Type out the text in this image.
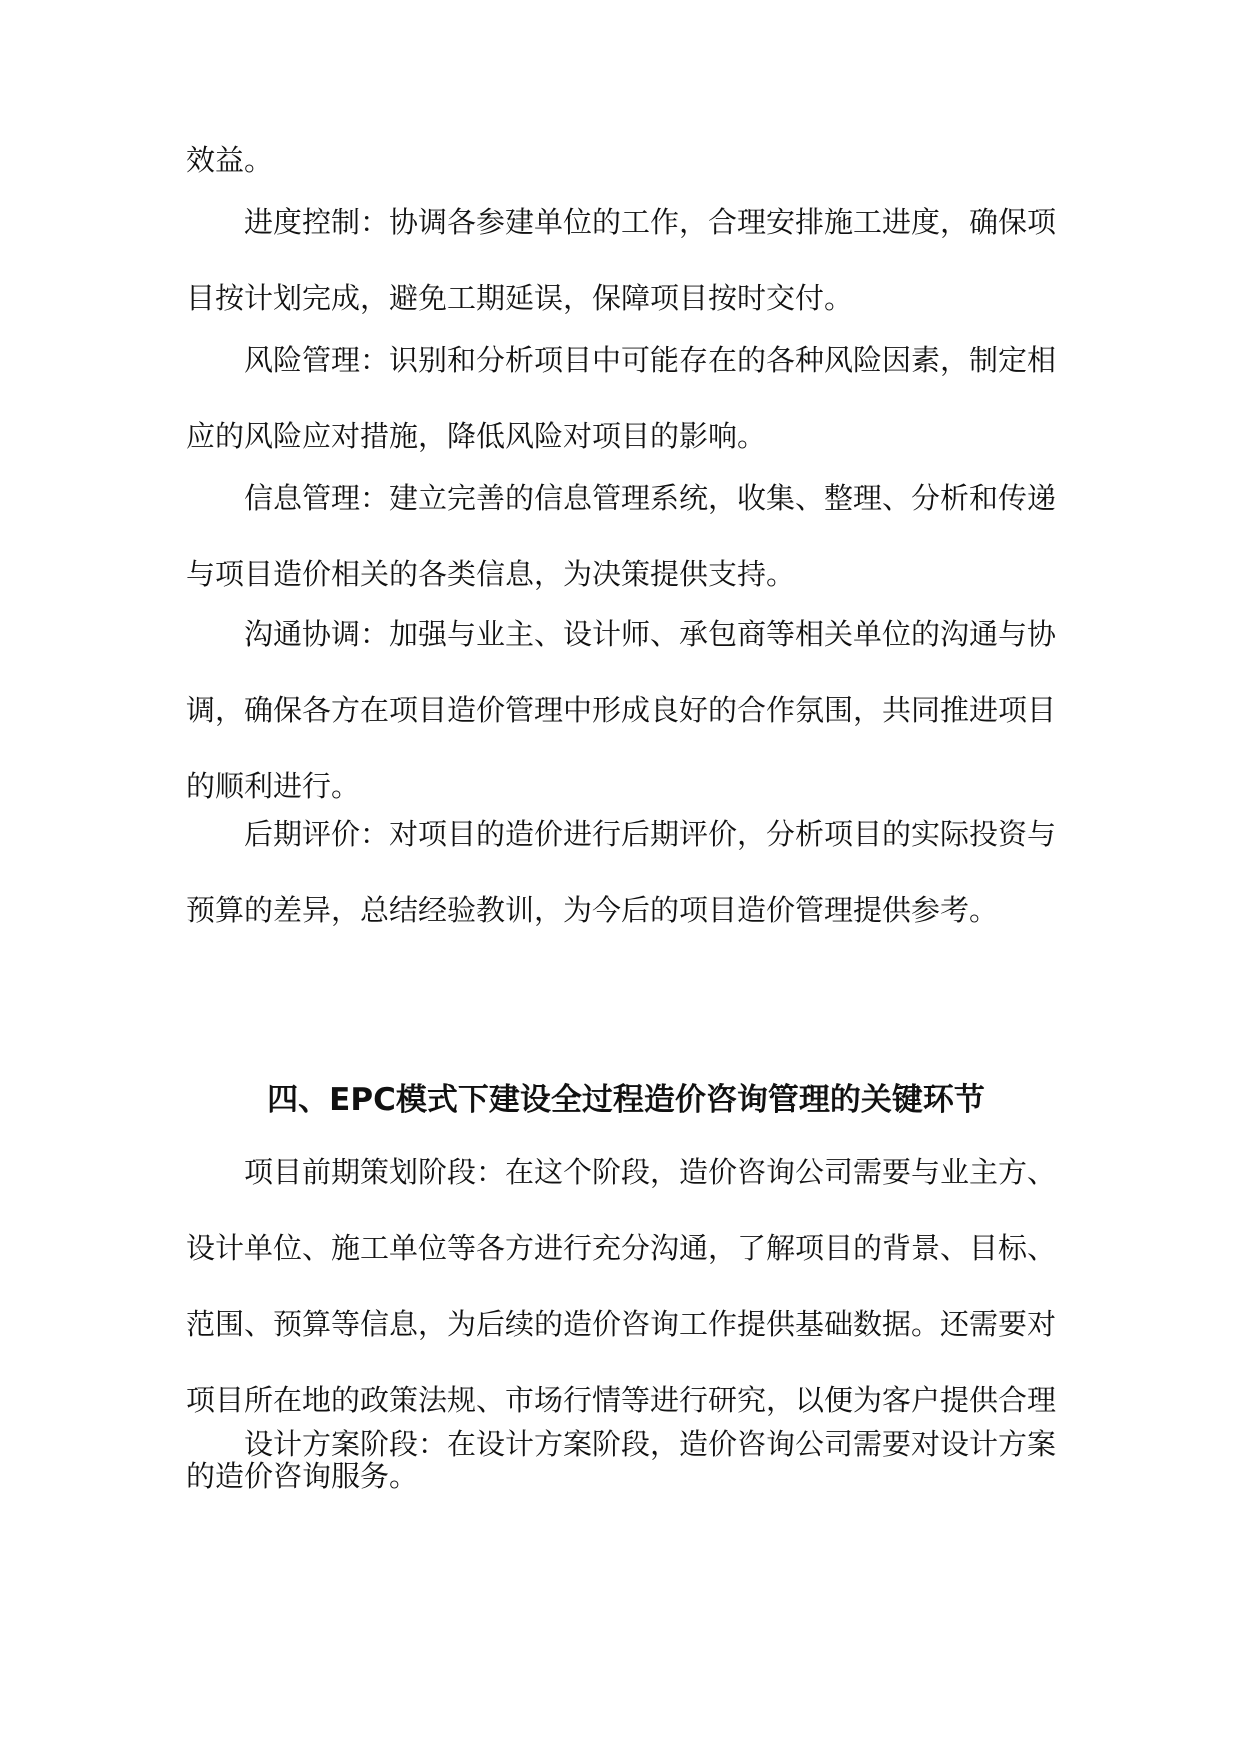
效益。

进度控制：协调各参建单位的工作，合理安排施工进度，确保项目按计划完成，避免工期延误，保障项目按时交付。

风险管理：识别和分析项目中可能存在的各种风险因素，制定相应的风险应对措施，降低风险对项目的影响。

信息管理：建立完善的信息管理系统，收集、整理、分析和传递与项目造价相关的各类信息，为决策提供支持。

沟通协调：加强与业主、设计师、承包商等相关单位的沟通与协调，确保各方在项目造价管理中形成良好的合作氛围，共同推进项目的顺利进行。

后期评价：对项目的造价进行后期评价，分析项目的实际投资与预算的差异，总结经验教训，为今后的项目造价管理提供参考。

四、EPC模式下建设全过程造价咨询管理的关键环节

项目前期策划阶段：在这个阶段，造价咨询公司需要与业主方、设计单位、施工单位等各方进行充分沟通，了解项目的背景、目标、范围、预算等信息，为后续的造价咨询工作提供基础数据。还需要对项目所在地的政策法规、市场行情等进行研究，以便为客户提供合理的造价咨询服务。

设计方案阶段：在设计方案阶段，造价咨询公司需要对设计方案
